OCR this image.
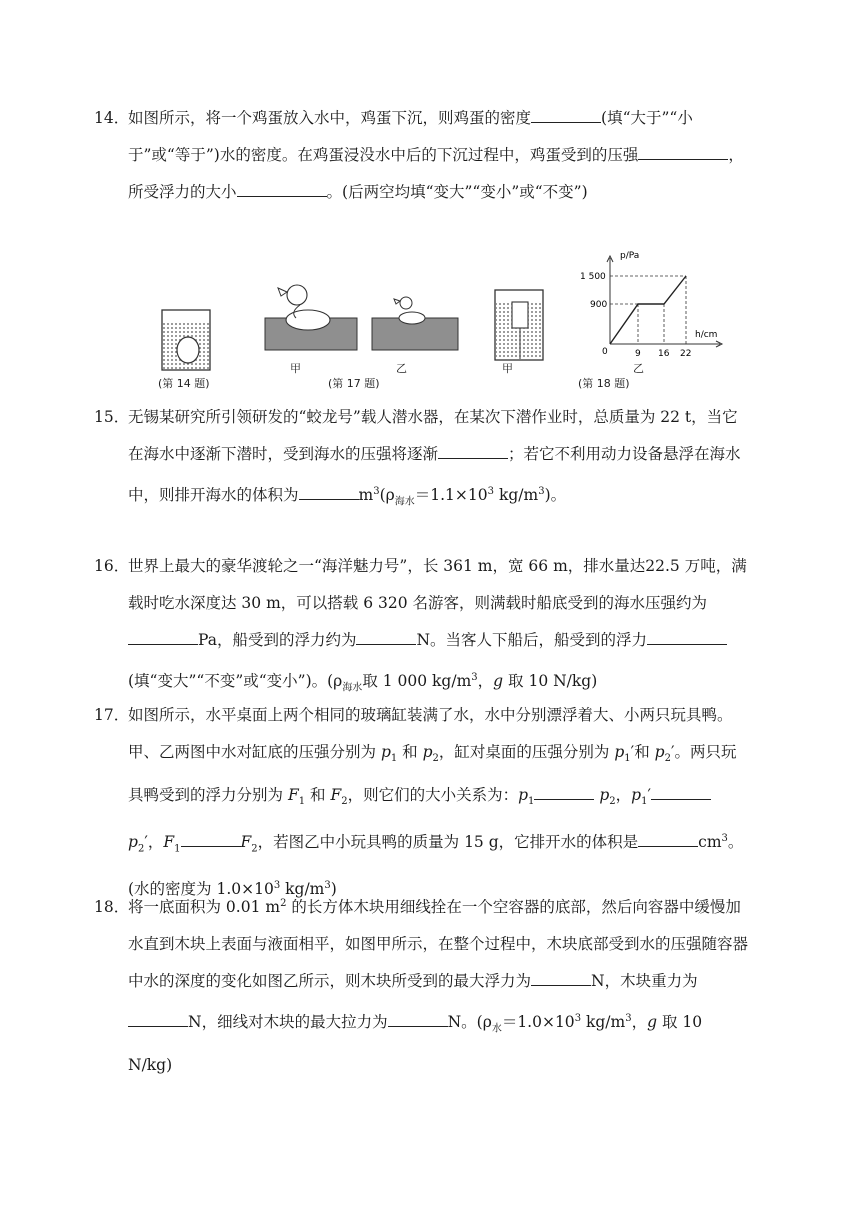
14．如图所示，将一个鸡蛋放入水中，鸡蛋下沉，则鸡蛋的密度	(填“大于”“小于”或“等于”)水的密度。在鸡蛋浸没水中后的下沉过程中，鸡蛋受到的压强	，所受浮力的大小	。(后两空均填“变大”“变小”或“不变”)

p/Pa
h/cm
1 500
900
0	9 16 22
甲	乙	甲	乙
(第 14 题)	(第 17 题)	(第 18 题)

15．无锡某研究所引领研发的“蛟龙号”载人潜水器，在某次下潜作业时，总质量为 22 t，当它在海水中逐渐下潜时，受到海水的压强将逐渐	；若它不利用动力设备悬浮在海水中，则排开海水的体积为	$m^3(\rho_{海水}=1.1\times 10^3$ $kg/m^3$)。

16．世界上最大的豪华渡轮之一“海洋魅力号”，长 361 m，宽 66 m，排水量达22.5 万吨，满载时吃水深度达 30 m，可以搭载 6 320 名游客，则满载时船底受到的海水压强约为Pa，船受到的浮力约为	N。当客人下船后，船受到的浮力(填“变大”“不变”或“变小”)。($\rho_{海水}$取 1 000 $kg/m^3$，g 取 10 N/kg)

17．如图所示，水平桌面上两个相同的玻璃缸装满了水，水中分别漂浮着大、小两只玩具鸭。甲、乙两图中水对缸底的压强分别为 $p_1$ 和 $p_2$，缸对桌面的压强分别为 $p_1'$和 $p_2'$。两只玩具鸭受到的浮力分别为 $F_1$ 和 $F_2$，则它们的大小关系为：$p_1$	$p_2$，$p_1'$ $p_2'$，$F_1$	$F_2$，若图乙中小玩具鸭的质量为 15 g，它排开水的体积是	$cm^3$。(水的密度为 $1.0\times 10^3$ $kg/m^3$)

18．将一底面积为 0.01 $m^2$ 的长方体木块用细线拴在一个空容器的底部，然后向容器中缓慢加水直到木块上表面与液面相平，如图甲所示，在整个过程中，木块底部受到水的压强随容器中水的深度的变化如图乙所示，则木块所受到的最大浮力为	N，木块重力为N，细线对木块的最大拉力为	N。($\rho_水=1.0\times 10^3$ $kg/m^3$，g 取 10 N/kg)
